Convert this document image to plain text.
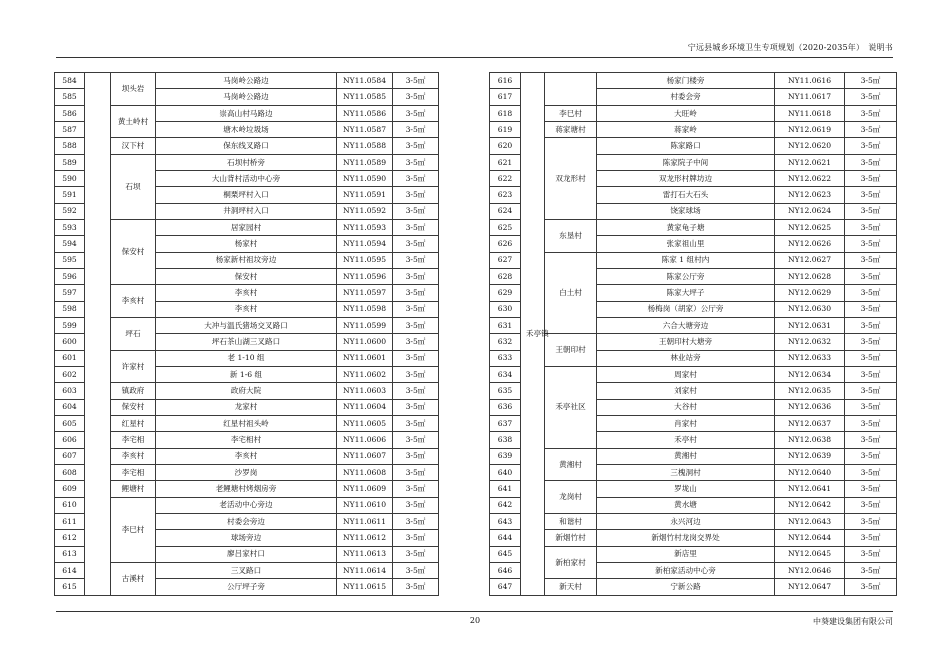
宁远县城乡环境卫生专项规划（2020-2035年）　说明书
584		坝头岩	马岗岭公路边	NY11.0584	3-5㎡
585			马岗岭公路边	NY11.0585	3-5㎡
586		黄土岭村	崇高山村马路边	NY11.0586	3-5㎡
587			塘木岭垃圾场	NY11.0587	3-5㎡
588		汉下村	保东线叉路口	NY11.0588	3-5㎡
589		石坝	石坝村桥旁	NY11.0589	3-5㎡
590			大山背村活动中心旁	NY11.0590	3-5㎡
591			桐栗坪村入口	NY11.0591	3-5㎡
592			井洞坪村入口	NY11.0592	3-5㎡
593		保安村	居家园村	NY11.0593	3-5㎡
594			杨家村	NY11.0594	3-5㎡
595			杨家新村祖坟旁边	NY11.0595	3-5㎡
596			保安村	NY11.0596	3-5㎡
597		李亥村	李亥村	NY11.0597	3-5㎡
598			李亥村	NY11.0598	3-5㎡
599		坪石	大冲与温氏猪场交叉路口	NY11.0599	3-5㎡
600			坪石茶山湖三叉路口	NY11.0600	3-5㎡
601		许家村	老 1-10 组	NY11.0601	3-5㎡
602			新 1-6 组	NY11.0602	3-5㎡
603		镇政府	政府大院	NY11.0603	3-5㎡
604		保安村	龙家村	NY11.0604	3-5㎡
605		红星村	红星村祖头岭	NY11.0605	3-5㎡
606		李宅相	李宅相村	NY11.0606	3-5㎡
607		李亥村	李亥村	NY11.0607	3-5㎡
608		李宅相	沙罗岗	NY11.0608	3-5㎡
609		鲤塘村	老鲤塘村烤烟房旁	NY11.0609	3-5㎡
610		李巳村	老活动中心旁边	NY11.0610	3-5㎡
611			村委会旁边	NY11.0611	3-5㎡
612			球场旁边	NY11.0612	3-5㎡
613			廖吕家村口	NY11.0613	3-5㎡
614		古溪村	三叉路口	NY11.0614	3-5㎡
615			公厅坪子旁	NY11.0615	3-5㎡
616	禾亭镇		杨家门楼旁	NY11.0616	3-5㎡
617			村委会旁	NY11.0617	3-5㎡
618		李巳村	大旺岭	NY11.0618	3-5㎡
619		蒋家塘村	蒋家岭	NY12.0619	3-5㎡
620		双龙形村	陈家路口	NY12.0620	3-5㎡
621			陈家院子中间	NY12.0621	3-5㎡
622			双龙形村牌坊边	NY12.0622	3-5㎡
623			雷打石大石头	NY12.0623	3-5㎡
624			饶家球场	NY12.0624	3-5㎡
625		东垦村	黄家龟子塘	NY12.0625	3-5㎡
626			张家祖山里	NY12.0626	3-5㎡
627		白土村	陈家 1 组村内	NY12.0627	3-5㎡
628			陈家公厅旁	NY12.0628	3-5㎡
629			陈家大坪子	NY12.0629	3-5㎡
630			杨梅岗（胡家）公厅旁	NY12.0630	3-5㎡
631			六合大塘旁边	NY12.0631	3-5㎡
632		王朝印村	王朝印村大塘旁	NY12.0632	3-5㎡
633			林业站旁	NY12.0633	3-5㎡
634		禾亭社区	周家村	NY12.0634	3-5㎡
635			刘家村	NY12.0635	3-5㎡
636			大谷村	NY12.0636	3-5㎡
637			肖家村	NY12.0637	3-5㎡
638			禾亭村	NY12.0638	3-5㎡
639		黄湘村	黄湘村	NY12.0639	3-5㎡
640			三槐洞村	NY12.0640	3-5㎡
641		龙岗村	罗垅山	NY12.0641	3-5㎡
642			黄水塘	NY12.0642	3-5㎡
643		和谐村	永兴河边	NY12.0643	3-5㎡
644		新烟竹村	新烟竹村龙岗交界处	NY12.0644	3-5㎡
645		新柏家村	新店里	NY12.0645	3-5㎡
646			新柏家活动中心旁	NY12.0646	3-5㎡
647		新天村	宁新公路	NY12.0647	3-5㎡
20	中葵建设集团有限公司
